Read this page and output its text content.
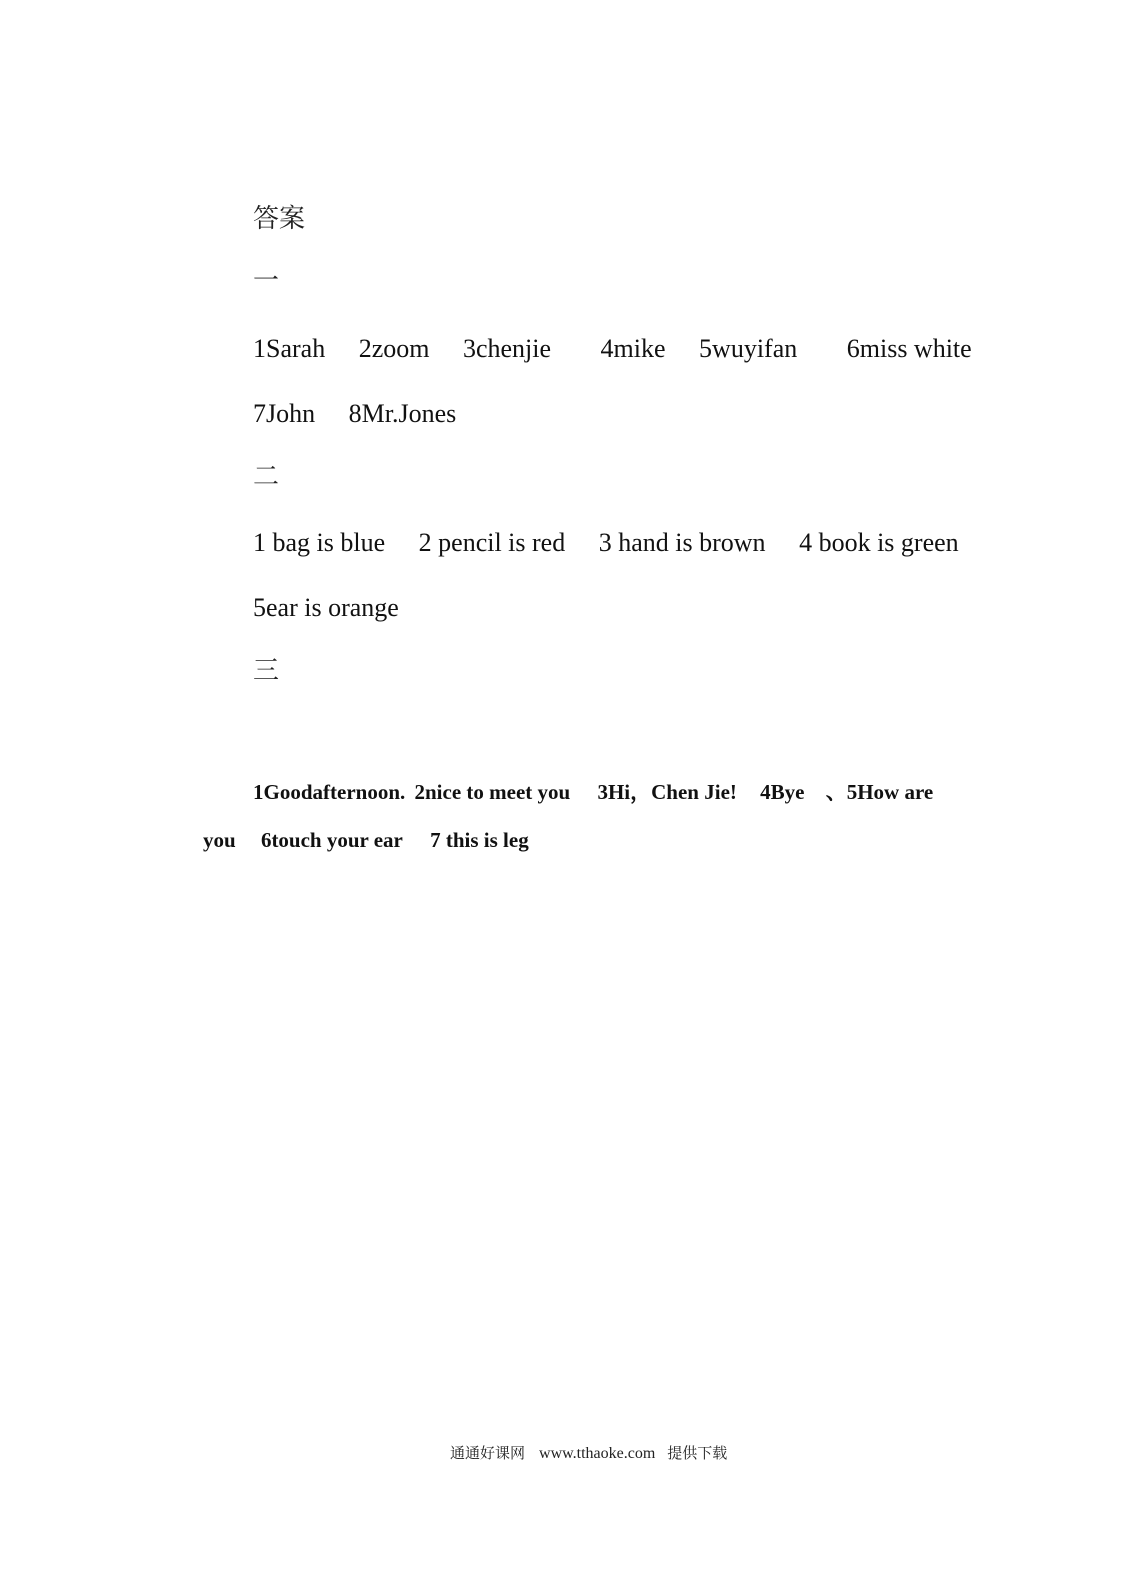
答案
一
1Sarah 2zoom 3chenjie 4mike 5wuyifan 6miss white
7John 8Mr.Jones
二
1 bag is blue 2 pencil is red 3 hand is brown 4 book is green
5ear is orange
三
1Goodafternoon. 2nice to meet you 3Hi，Chen Jie! 4Bye 、5How are
you 6touch your ear 7 this is leg
通通好课网 www.tthaoke.com 提供下载
